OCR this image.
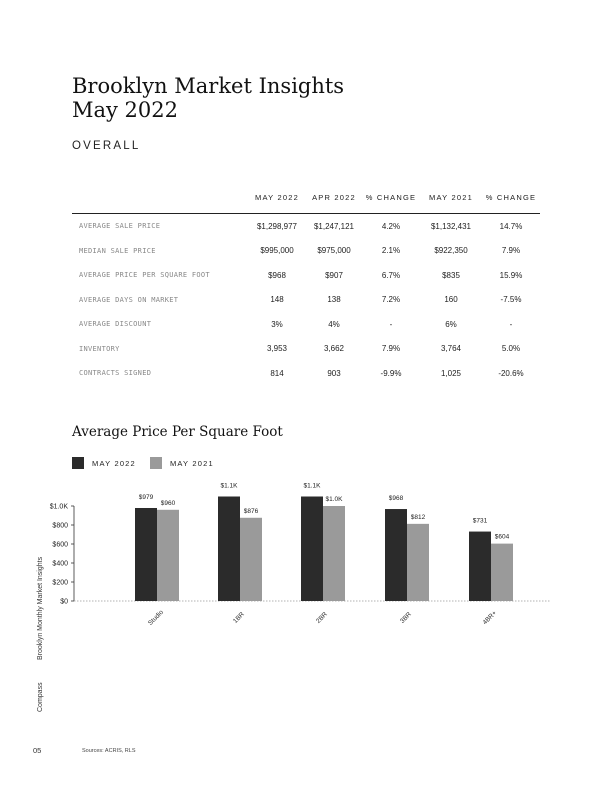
Brooklyn Market Insights
May 2022
OVERALL
	MAY 2022	APR 2022	% CHANGE	MAY 2021	% CHANGE
AVERAGE SALE PRICE	$1,298,977	$1,247,121	4.2%	$1,132,431	14.7%
MEDIAN SALE PRICE	$995,000	$975,000	2.1%	$922,350	7.9%
AVERAGE PRICE PER SQUARE FOOT	$968	$907	6.7%	$835	15.9%
AVERAGE DAYS ON MARKET	148	138	7.2%	160	-7.5%
AVERAGE DISCOUNT	3%	4%	-	6%	-
INVENTORY	3,953	3,662	7.9%	3,764	5.0%
CONTRACTS SIGNED	814	903	-9.9%	1,025	-20.6%
Average Price Per Square Foot
MAY 2022	MAY 2021
$0
$200
$400
$600
$800
$1.0K
$979
$960
Studio
$1.1K
$876
1BR
$1.1K
$1.0K
2BR
$968
$812
3BR
$731
$604
4BR+
Brooklyn Monthly Market Insights
Compass
05	Sources: ACRIS, RLS
